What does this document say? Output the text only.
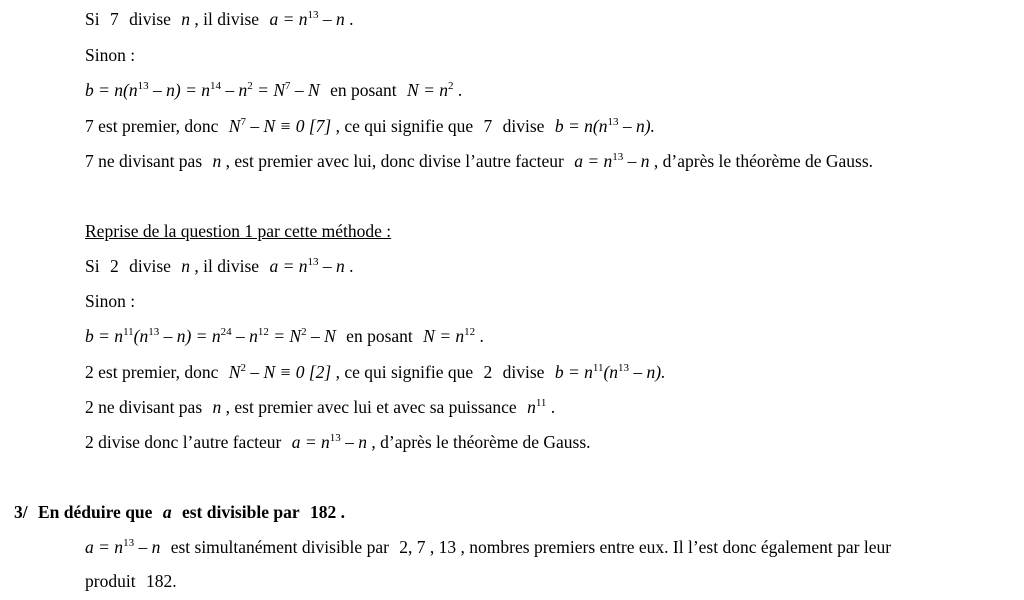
Si 7 divise n , il divise $a = n^{13} - n$ .
Sinon :
$b = n(n^{13} - n) = n^{14} - n^2 = N^7 - N$ en posant $N = n^2$ .
7 est premier, donc $N^7 - N \equiv 0$ [7] , ce qui signifie que 7 divise $b = n(n^{13} - n)$.
7 ne divisant pas n , est premier avec lui, donc divise l’autre facteur $a = n^{13} - n$ , d’après le théorème de Gauss.
Reprise de la question 1 par cette méthode :
Si 2 divise n , il divise $a = n^{13} - n$ .
Sinon :
$b = n^{11}(n^{13} - n) = n^{24} - n^{12} = N^2 - N$ en posant $N = n^{12}$ .
2 est premier, donc $N^2 - N \equiv 0$ [2] , ce qui signifie que 2 divise $b = n^{11}(n^{13} - n)$.
2 ne divisant pas n , est premier avec lui et avec sa puissance $n^{11}$ .
2 divise donc l’autre facteur $a = n^{13} - n$ , d’après le théorème de Gauss.
3/ En déduire que a est divisible par 182 .
$a = n^{13} - n$ est simultanément divisible par 2, 7 , 13 , nombres premiers entre eux. Il l’est donc également par leur
produit 182.
